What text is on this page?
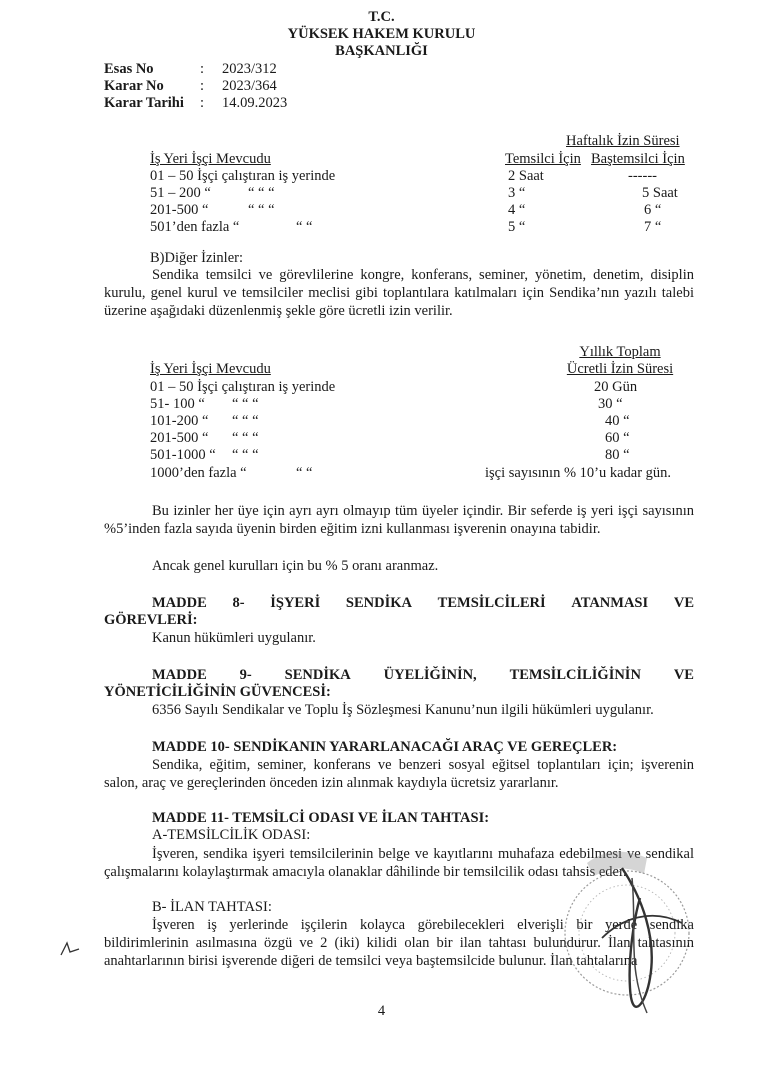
T.C.
YÜKSEK HAKEM KURULU
BAŞKANLIĞI
Esas No	: 2023/312
Karar No	: 2023/364
Karar Tarihi : 14.09.2023
Haftalık İzin Süresi
İş Yeri İşçi Mevcudu	Temsilci İçin Baştemsilci İçin
01 – 50 İşçi çalıştıran iş yerinde	2 Saat	------
51 – 200 “	“ “ “	3 “	5 Saat
201-500 “	“ “ “	4 “	6 “
501’den fazla “	“ “	5 “	7 “
B)Diğer İzinler:
Sendika temsilci ve görevlilerine kongre, konferans, seminer, yönetim, denetim, disiplin kurulu, genel kurul ve temsilciler meclisi gibi toplantılara katılmaları için Sendika’nın yazılı talebi üzerine aşağıdaki düzenlenmiş şekle göre ücretli izin verilir.
Yıllık Toplam
İş Yeri İşçi Mevcudu	Ücretli İzin Süresi
01 – 50 İşçi çalıştıran iş yerinde	20 Gün
51- 100 “ “ “ “	30 “
101-200 “ “ “ “	40 “
201-500 “ “ “ “	60 “
501-1000 “ “ “ “	80 “
1000’den fazla “	“ “	işçi sayısının % 10’u kadar gün.
Bu izinler her üye için ayrı ayrı olmayıp tüm üyeler içindir. Bir seferde iş yeri işçi sayısının %5’inden fazla sayıda üyenin birden eğitim izni kullanması işverenin onayına tabidir.
Ancak genel kurulları için bu % 5 oranı aranmaz.
MADDE 8- İŞYERİ SENDİKA TEMSİLCİLERİ ATANMASI VE
GÖREVLERİ:
Kanun hükümleri uygulanır.
MADDE 9- SENDİKA ÜYELİĞİNİN, TEMSİLCİLİĞİNİN VE
YÖNETİCİLİĞİNİN GÜVENCESİ:
6356 Sayılı Sendikalar ve Toplu İş Sözleşmesi Kanunu’nun ilgili hükümleri uygulanır.
MADDE 10- SENDİKANIN YARARLANACAĞI ARAÇ VE GEREÇLER:
Sendika, eğitim, seminer, konferans ve benzeri sosyal eğitsel toplantıları için; işverenin salon, araç ve gereçlerinden önceden izin alınmak kaydıyla ücretsiz yararlanır.
MADDE 11- TEMSİLCİ ODASI VE İLAN TAHTASI:
A-TEMSİLCİLİK ODASI:
İşveren, sendika işyeri temsilcilerinin belge ve kayıtlarını muhafaza edebilmesi ve sendikal çalışmalarını kolaylaştırmak amacıyla olanaklar dâhilinde bir temsilcilik odası tahsis eder.
B- İLAN TAHTASI:
İşveren iş yerlerinde işçilerin kolayca görebilecekleri elverişli bir yerde sendika bildirimlerinin asılmasına özgü ve 2 (iki) kilidi olan bir ilan tahtası bulundurur. İlan tahtasının anahtarlarının birisi işverende diğeri de temsilci veya baştemsilcide bulunur. İlan tahtalarına
4
